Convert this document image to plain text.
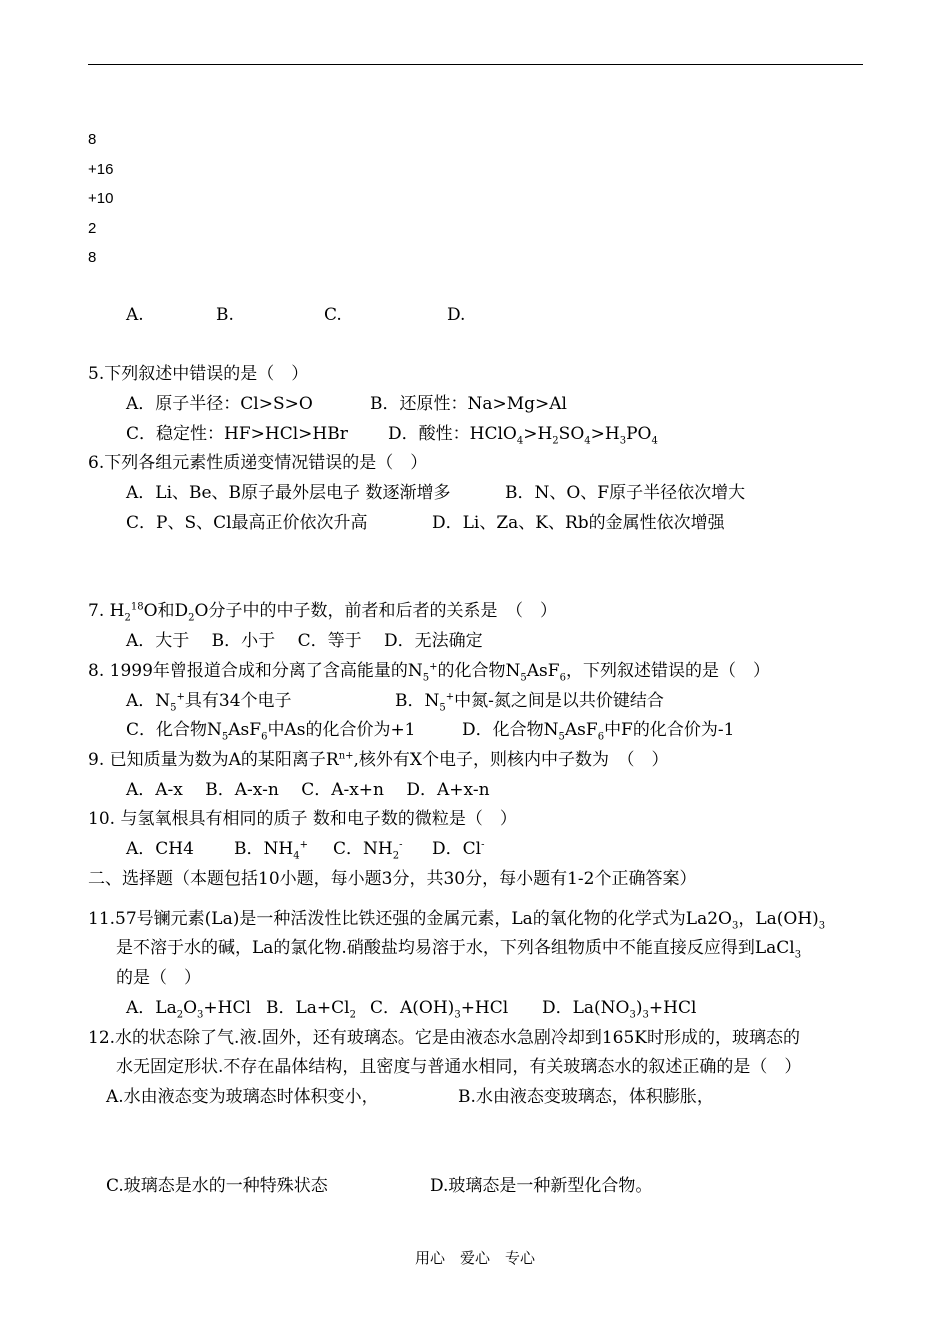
8
+16
+10
2
8
A.	B.	C.	D.
5.下列叙述中错误的是（　）
A．原子半径：Cl>S>O	B．还原性：Na>Mg>Al
C．稳定性：HF>HCl>HBr D．酸性：$HClO_4>H_2SO_4>H_3PO_4$
6.下列各组元素性质递变情况错误的是（　）
A．Li、Be、B原子最外层电子 数逐渐增多	B．N、O、F原子半径依次增大
C．P、S、Cl最高正价依次升高	D．Li、Za、K、Rb的金属性依次增强
7. $H_2^{18}O$和$D_2O$分子中的中子数，前者和后者的关系是　（　）
A．大于　 B．小于　 C．等于　 D．无法确定
8. 1999年曾报道合成和分离了含高能量的$N_5^+$的化合物$N_5AsF_6$，下列叙述错误的是（　）
A．$N_5^+$具有34个电子	B．$N_5^+$中氮-氮之间是以共价键结合
C．化合物$N_5AsF_6$中As的化合价为+1	D．化合物$N_5AsF_6$中F的化合价为-1
9. 已知质量为数为A的某阳离子$R^{n+}$,核外有X个电子，则核内中子数为　（　）
A．A-x　 B．A-x-n　 C．A-x+n　 D．A+x-n
10. 与氢氧根具有相同的质子 数和电子数的微粒是（　）
A．CH4 B．$NH_4^+$ C．$NH_2^-$ D．Cl-
二、选择题（本题包括10小题，每小题3分，共30分，每小题有1-2个正确答案）
11.57号镧元素(La)是一种活泼性比铁还强的金属元素，La的氧化物的化学式为$La2O_3$，$La(OH)_3$
是不溶于水的碱，La的氯化物.硝酸盐均易溶于水，下列各组物质中不能直接反应得到LaCl$_3$
的是（　）
A．$La_2O_3+HCl$ B．$La+Cl_2$ C．$A(OH)_3+HCl$ D．$La(NO_3)_3+HCl$
12.水的状态除了气.液.固外，还有玻璃态。它是由液态水急剧冷却到165K时形成的，玻璃态的
水无固定形状.不存在晶体结构，且密度与普通水相同，有关玻璃态水的叙述正确的是（　）
A.水由液态变为玻璃态时体积变小，	B.水由液态变玻璃态，体积膨胀，
C.玻璃态是水的一种特殊状态	D.玻璃态是一种新型化合物。
用心　爱心　专心
